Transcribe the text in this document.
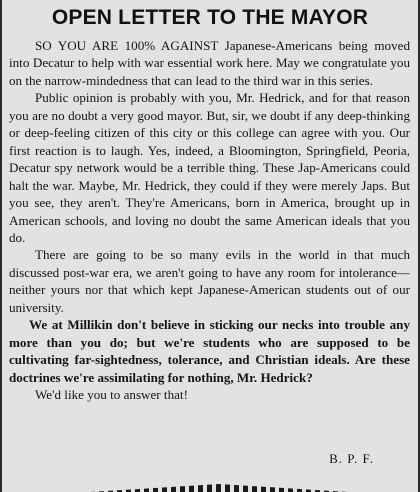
OPEN LETTER TO THE MAYOR

SO YOU ARE 100% AGAINST Japanese-Americans being moved into Decatur to help with war essential work here. May we congratulate you on the narrow-mindedness that can lead to the third war in this series.

Public opinion is probably with you, Mr. Hedrick, and for that reason you are no doubt a very good mayor. But, sir, we doubt if any deep-thinking or deep-feeling citizen of this city or this college can agree with you. Our first reaction is to laugh. Yes, indeed, a Bloomington, Springfield, Peoria, Decatur spy network would be a terrible thing. These Jap-Americans could halt the war. Maybe, Mr. Hedrick, they could if they were merely Japs. But you see, they aren't. They're Americans, born in America, brought up in American schools, and loving no doubt the same American ideals that you do.

There are going to be so many evils in the world in that much discussed post-war era, we aren't going to have any room for intolerance—neither yours nor that which kept Japanese-American students out of our university.

We at Millikin don't believe in sticking our necks into trouble any more than you do; but we're students who are supposed to be cultivating far-sightedness, tolerance, and Christian ideals. Are these doctrines we're assimilating for nothing, Mr. Hedrick?

We'd like you to answer that!

B. P. F.
